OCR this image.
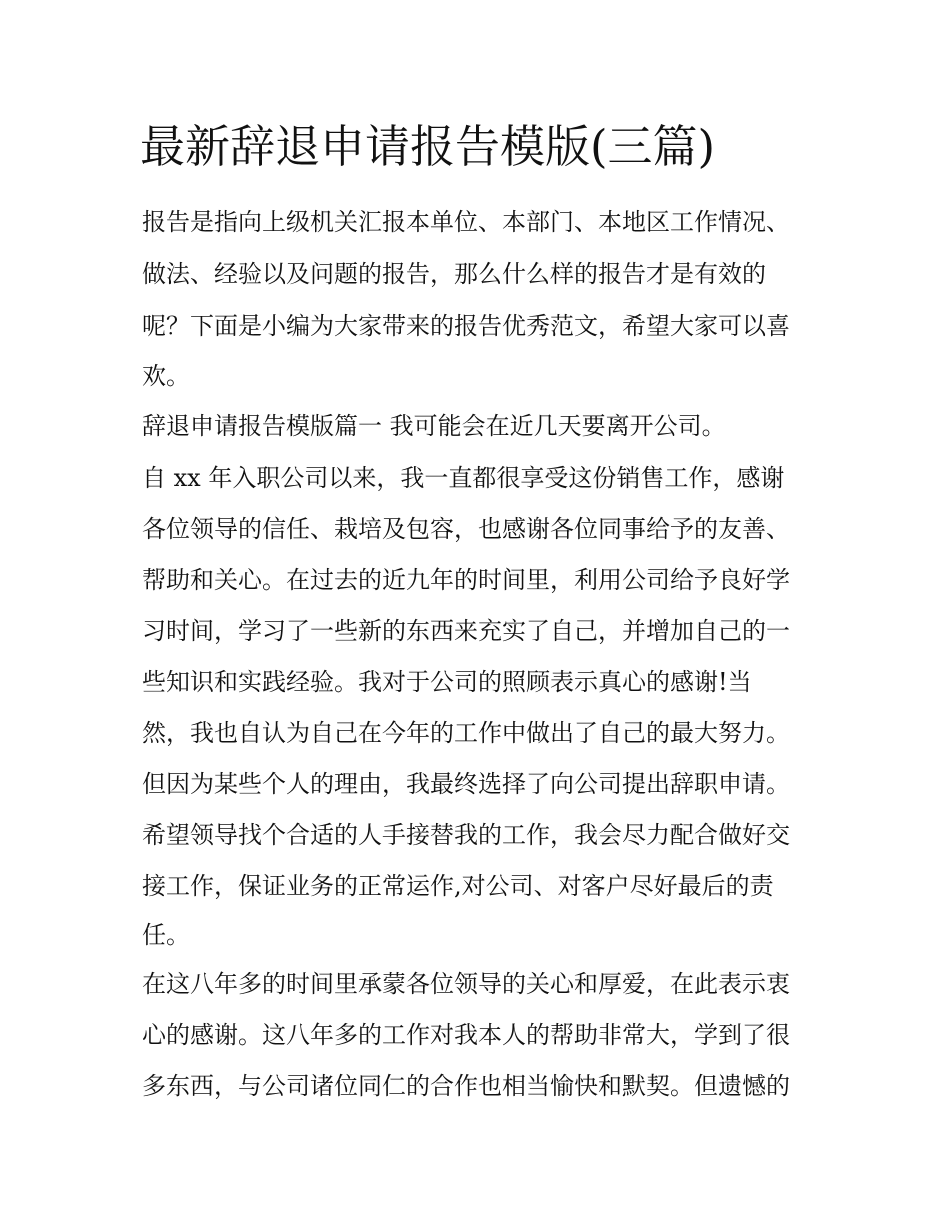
最新辞退申请报告模版(三篇)

报告是指向上级机关汇报本单位、本部门、本地区工作情况、

做法、经验以及问题的报告，那么什么样的报告才是有效的

呢？下面是小编为大家带来的报告优秀范文，希望大家可以喜

欢。

辞退申请报告模版篇一 我可能会在近几天要离开公司。

自 xx 年入职公司以来，我一直都很享受这份销售工作，感谢

各位领导的信任、栽培及包容，也感谢各位同事给予的友善、

帮助和关心。在过去的近九年的时间里，利用公司给予良好学

习时间，学习了一些新的东西来充实了自己，并增加自己的一

些知识和实践经验。我对于公司的照顾表示真心的感谢!当

然，我也自认为自己在今年的工作中做出了自己的最大努力。

但因为某些个人的理由，我最终选择了向公司提出辞职申请。

希望领导找个合适的人手接替我的工作，我会尽力配合做好交

接工作，保证业务的正常运作,对公司、对客户尽好最后的责

任。

在这八年多的时间里承蒙各位领导的关心和厚爱，在此表示衷

心的感谢。这八年多的工作对我本人的帮助非常大，学到了很

多东西，与公司诸位同仁的合作也相当愉快和默契。但遗憾的
